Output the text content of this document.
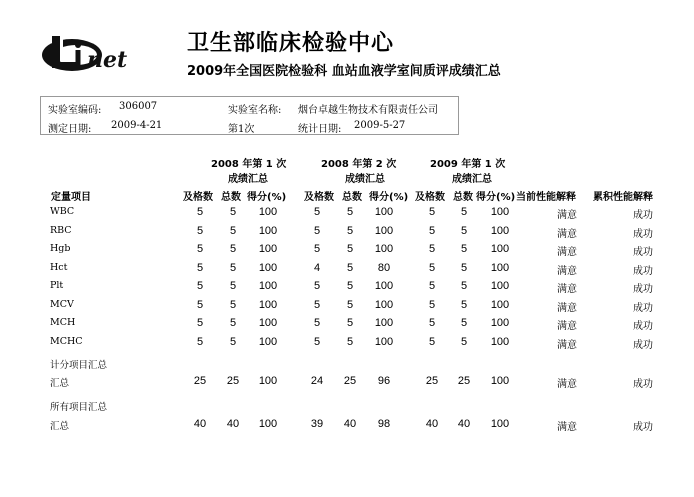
net
卫生部临床检验中心
2009年全国医院检验科 血站血液学室间质评成绩汇总
实验室编码: 306007	实验室名称: 烟台卓越生物技术有限责任公司
测定日期: 2009-4-21	第1次	统计日期: 2009-5-27
2008 年第 1 次
成绩汇总
2008 年第 2 次
成绩汇总
2009 年第 1 次
成绩汇总
定量项目	及格数 总数 得分(%) 及格数 总数 得分(%) 及格数 总数 得分(%) 当前性能解释 累积性能解释
WBC	5	5	100	5	5	100	5	5	100	满意	成功
RBC	5	5	100	5	5	100	5	5	100	满意	成功
Hgb	5	5	100	5	5	100	5	5	100	满意	成功
Hct	5	5	100	4	5	80	5	5	100	满意	成功
Plt	5	5	100	5	5	100	5	5	100	满意	成功
MCV	5	5	100	5	5	100	5	5	100	满意	成功
MCH	5	5	100	5	5	100	5	5	100	满意	成功
MCHC	5	5	100	5	5	100	5	5	100	满意	成功
计分项目汇总
汇总	25	25	100	24	25	96	25	25	100	满意	成功
所有项目汇总
汇总	40	40	100	39	40	98	40	40	100	满意	成功
